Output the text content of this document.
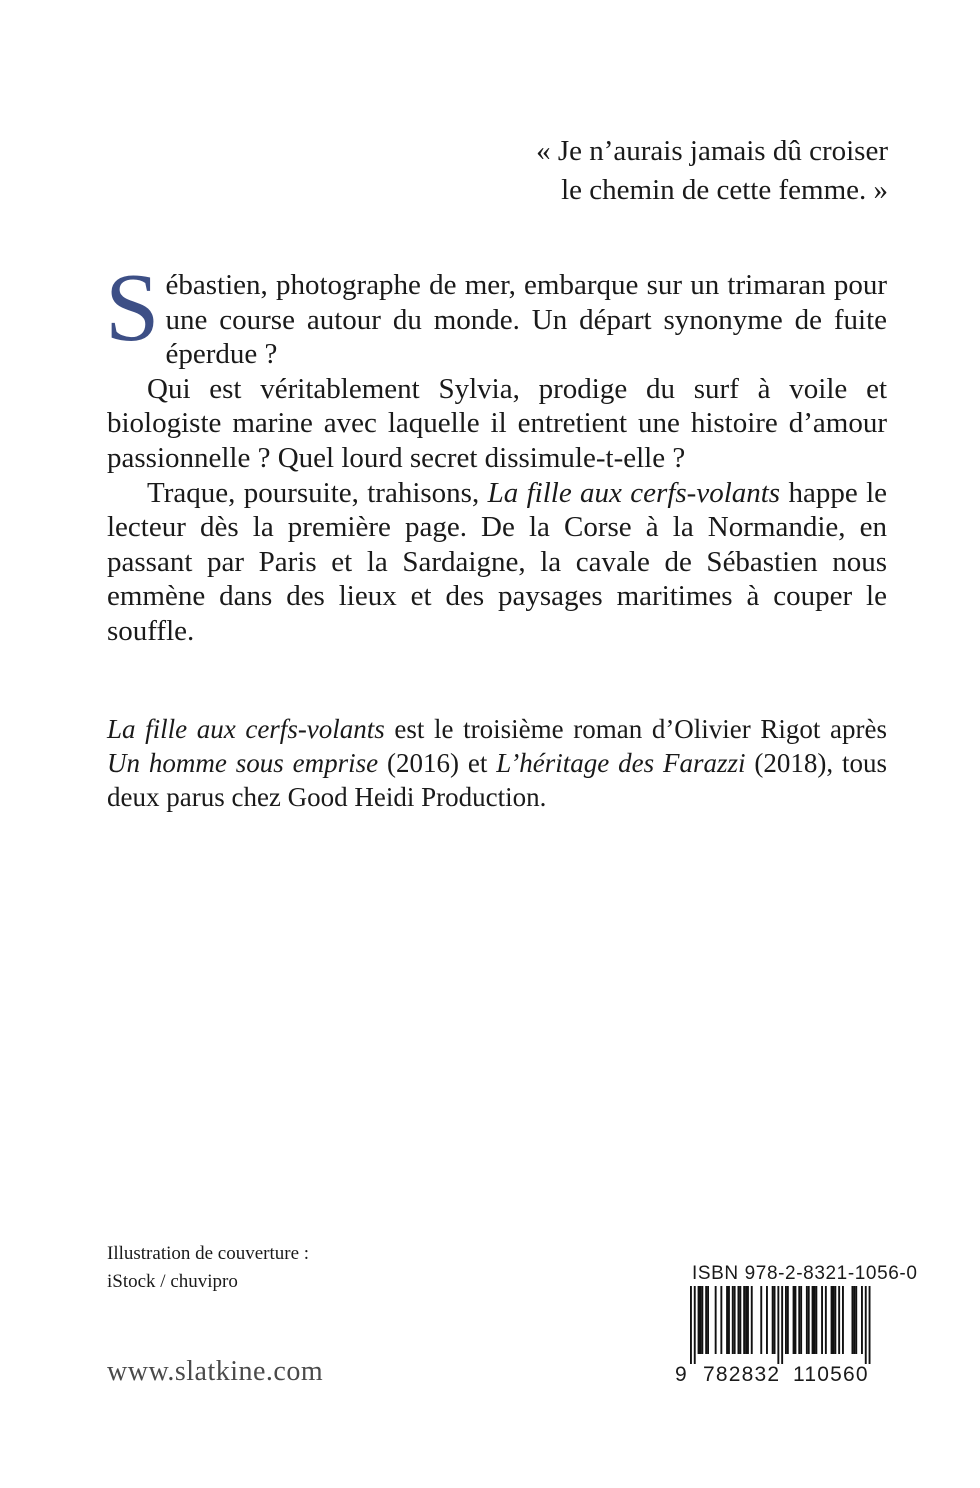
« Je n’aurais jamais dû croiser
le chemin de cette femme. »

Sébastien, photographe de mer, embarque sur un trimaran pour une course autour du monde. Un départ synonyme de fuite éperdue ?

Qui est véritablement Sylvia, prodige du surf à voile et biologiste marine avec laquelle il entretient une histoire d’amour passionnelle ? Quel lourd secret dissimule-t-elle ?

Traque, poursuite, trahisons, La fille aux cerfs-volants happe le lecteur dès la première page. De la Corse à la Normandie, en passant par Paris et la Sardaigne, la cavale de Sébastien nous emmène dans des lieux et des paysages maritimes à couper le souffle.

La fille aux cerfs-volants est le troisième roman d’Olivier Rigot après Un homme sous emprise (2016) et L’héritage des Farazzi (2018), tous deux parus chez Good Heidi Production.

Illustration de couverture :
iStock / chuvipro

www.slatkine.com

ISBN 978-2-8321-1056-0

9 782832 110560
